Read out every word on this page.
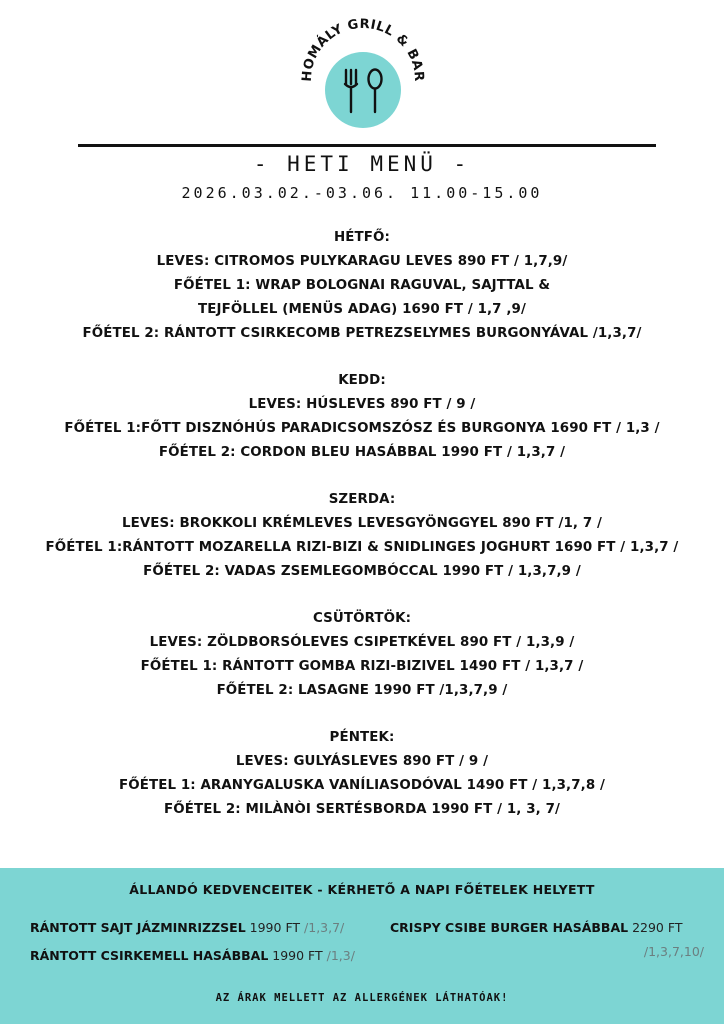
HOMÁLY GRILL & BAR
- HETI MENÜ -
2026.03.02.-03.06. 11.00-15.00
HÉTFŐ:
LEVES: CITROMOS PULYKARAGU LEVES 890 FT / 1,7,9/
FŐÉTEL 1: WRAP BOLOGNAI RAGUVAL, SAJTTAL &
TEJFÖLLEL (MENÜS ADAG) 1690 FT / 1,7 ,9/
FŐÉTEL 2: RÁNTOTT CSIRKECOMB PETREZSELYMES BURGONYÁVAL /1,3,7/
KEDD:
LEVES: HÚSLEVES 890 FT / 9 /
FŐÉTEL 1:FŐTT DISZNÓHÚS PARADICSOMSZÓSZ ÉS BURGONYA 1690 FT / 1,3 /
FŐÉTEL 2: CORDON BLEU HASÁBBAL 1990 FT / 1,3,7 /
SZERDA:
LEVES: BROKKOLI KRÉMLEVES LEVESGYÖNGGYEL 890 FT /1, 7 /
FŐÉTEL 1:RÁNTOTT MOZARELLA RIZI-BIZI & SNIDLINGES JOGHURT 1690 FT / 1,3,7 /
FŐÉTEL 2: VADAS ZSEMLEGOMBÓCCAL 1990 FT / 1,3,7,9 /
CSÜTÖRTÖK:
LEVES: ZÖLDBORSÓLEVES CSIPETKÉVEL 890 FT / 1,3,9 /
FŐÉTEL 1: RÁNTOTT GOMBA RIZI-BIZIVEL 1490 FT / 1,3,7 /
FŐÉTEL 2: LASAGNE 1990 FT /1,3,7,9 /
PÉNTEK:
LEVES: GULYÁSLEVES 890 FT / 9 /
FŐÉTEL 1: ARANYGALUSKA VANÍLIASODÓVAL 1490 FT / 1,3,7,8 /
FŐÉTEL 2: MILÀNÒI SERTÉSBORDA 1990 FT / 1, 3, 7/
ÁLLANDÓ KEDVENCEITEK - KÉRHETŐ A NAPI FŐÉTELEK HELYETT
RÁNTOTT SAJT JÁZMINRIZZSEL 1990 FT /1,3,7/
RÁNTOTT CSIRKEMELL HASÁBBAL 1990 FT /1,3/
CRISPY CSIBE BURGER HASÁBBAL 2290 FT
/1,3,7,10/
AZ ÁRAK MELLETT AZ ALLERGÉNEK LÁTHATÓAK!
